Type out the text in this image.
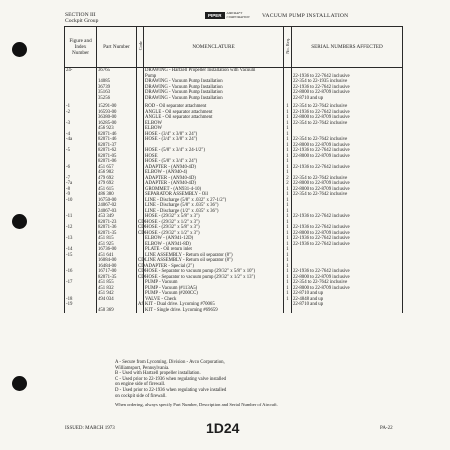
SECTION III
Cockpit Group
PIPER
AIRCRAFT CORPORATION VACUUM PUMP INSTALLATION
Figure and Index Number	Part Number	Code	NOMENCLATURE	No. Req.	SERIAL NUMBERS AFFECTED
24-	36765		DRAWING - Hartzell Propeller Installation with Vacuum		
			Pump		22-1936 to 22-7642 inclusive
	14085		DRAWING - Vacuum Pump Installation		22-354 to 22-1935 inclusive
	36739		DRAWING - Vacuum Pump Installation		22-1936 to 22-7642 inclusive
	35163		DRAWING - Vacuum Pump Installation		22-8000 to 22-8709 inclusive
	35256		DRAWING - Vacuum Pump Installation		22-8710 and up

-1	15291-00		ROD - Oil separator attachment	1	22-354 to 22-7642 inclusive
-2	16593-00		ANGLE - Oil separator attachment	1	22-1936 to 22-7642 inclusive
	36380-00		ANGLE - Oil separator attachment	1	22-8000 to 22-8709 inclusive
-3	16285-00		ELBOW	1	22-354 to 22-7642 inclusive
	456 923		ELBOW	1	
-4	82071-46		HOSE - (3/4" x 3/8" x 24")	1	
-4a	82071-46		HOSE - (3/4" x 3/8" x 24")	1	22-354 to 22-7642 inclusive
	82071-37			1	22-8000 to 22-8709 inclusive
-5	82071-62		HOSE - (5/8" x 3/4" x 24-1/2")	1	22-1936 to 22-7642 inclusive
	82071-05		HOSE	1	22-8000 to 22-8709 inclusive
	82071-06		HOSE - (5/8" x 3/4" x 24")	1	
-6	451 657		ADAPTER - (AN940-4D)	1	22-1936 to 22-7642 inclusive
	456 902		ELBOW - (AN940-4)	1	
-7	479 692		ADAPTER - (AN940-4D)	2	22-354 to 22-7642 inclusive
-7a	479 692		ADAPTER - (AN940-4D)	2	22-8000 to 22-8709 inclusive
-8	451 615		GROMMET - (AN931-4-10)	1	22-8000 to 22-8709 inclusive
-9	486 380		SEPARATOR ASSEMBLY - Oil	1	22-354 to 22-7642 inclusive
-10	16750-00		LINE - Discharge (5/8" x .032" x 27-1/2")	1	
	24067-02		LINE - Discharge (5/8" x .035" x 36")	1	
	24067-03		LINE - Discharge (1/2" x .035" x 36")	1	
-11	453 349		HOSE - (29/32" x 5/8" x 3")	1	22-1936 to 22-7642 inclusive
	82071-23	CD	HOSE - (29/32" x 1/2" x 3")	1	
-12	82071-36	CD	HOSE - (29/32" x 5/8" x 3")	1	22-1936 to 22-7642 inclusive
	82071-35	CD	HOSE - (29/32" x 1/2" x 3")	1	22-8000 to 22-8709 inclusive
-13	451 815		ELBOW - (AN941-12D)	1	22-1936 to 22-7642 inclusive
	451 925		ELBOW - (AN941-8D)	1	22-1936 to 22-7642 inclusive
-14	16736-00		PLATE - Oil return inlet	1	
-15	451 641		LINE ASSEMBLY - Return oil separator (8")	1	
	16084-00	CD	LINE ASSEMBLY - Return oil separator (8")	1	
	16484-00	CD	ADAPTER - Special (2")	1	
-16	16717-00	CD	HOSE - Separator to vacuum pump (29/32" x 5/8" x 10")	1	22-1936 to 22-7642 inclusive
	82071-35	CD	HOSE - Separator to vacuum pump (29/32" x 1/2" x 13")	1	22-8000 to 22-8709 inclusive
-17	451 855		PUMP - Vacuum	1	22-354 to 22-7642 inclusive
	451 832		PUMP - Vacuum (#113A5)	1	22-8000 to 22-8709 inclusive
	451 942		PUMP - Vacuum (#200CC)	1	22-8710 and up
-18	494 034		VALVE - Check	1	22-4848 and up
-19		AS	KIT - Dual drive. Lycoming #70065		22-8710 and up
	450 369		KIT - Single drive. Lycoming #69659		
A - Secure from Lycoming. Division - Avco Corporation,
Williamsport, Pennsylvania.
B - Used with Hartzell propeller installation.
C - Used prior to 22-1936 when regulating valve installed
on engine side of firewall.
D - Used prior to 22-1936 when regulating valve installed
on cockpit side of firewall.
When ordering, always specify Part Number, Description and Serial Number of Aircraft.
ISSUED: MARCH 1973	1D24	PA-22
